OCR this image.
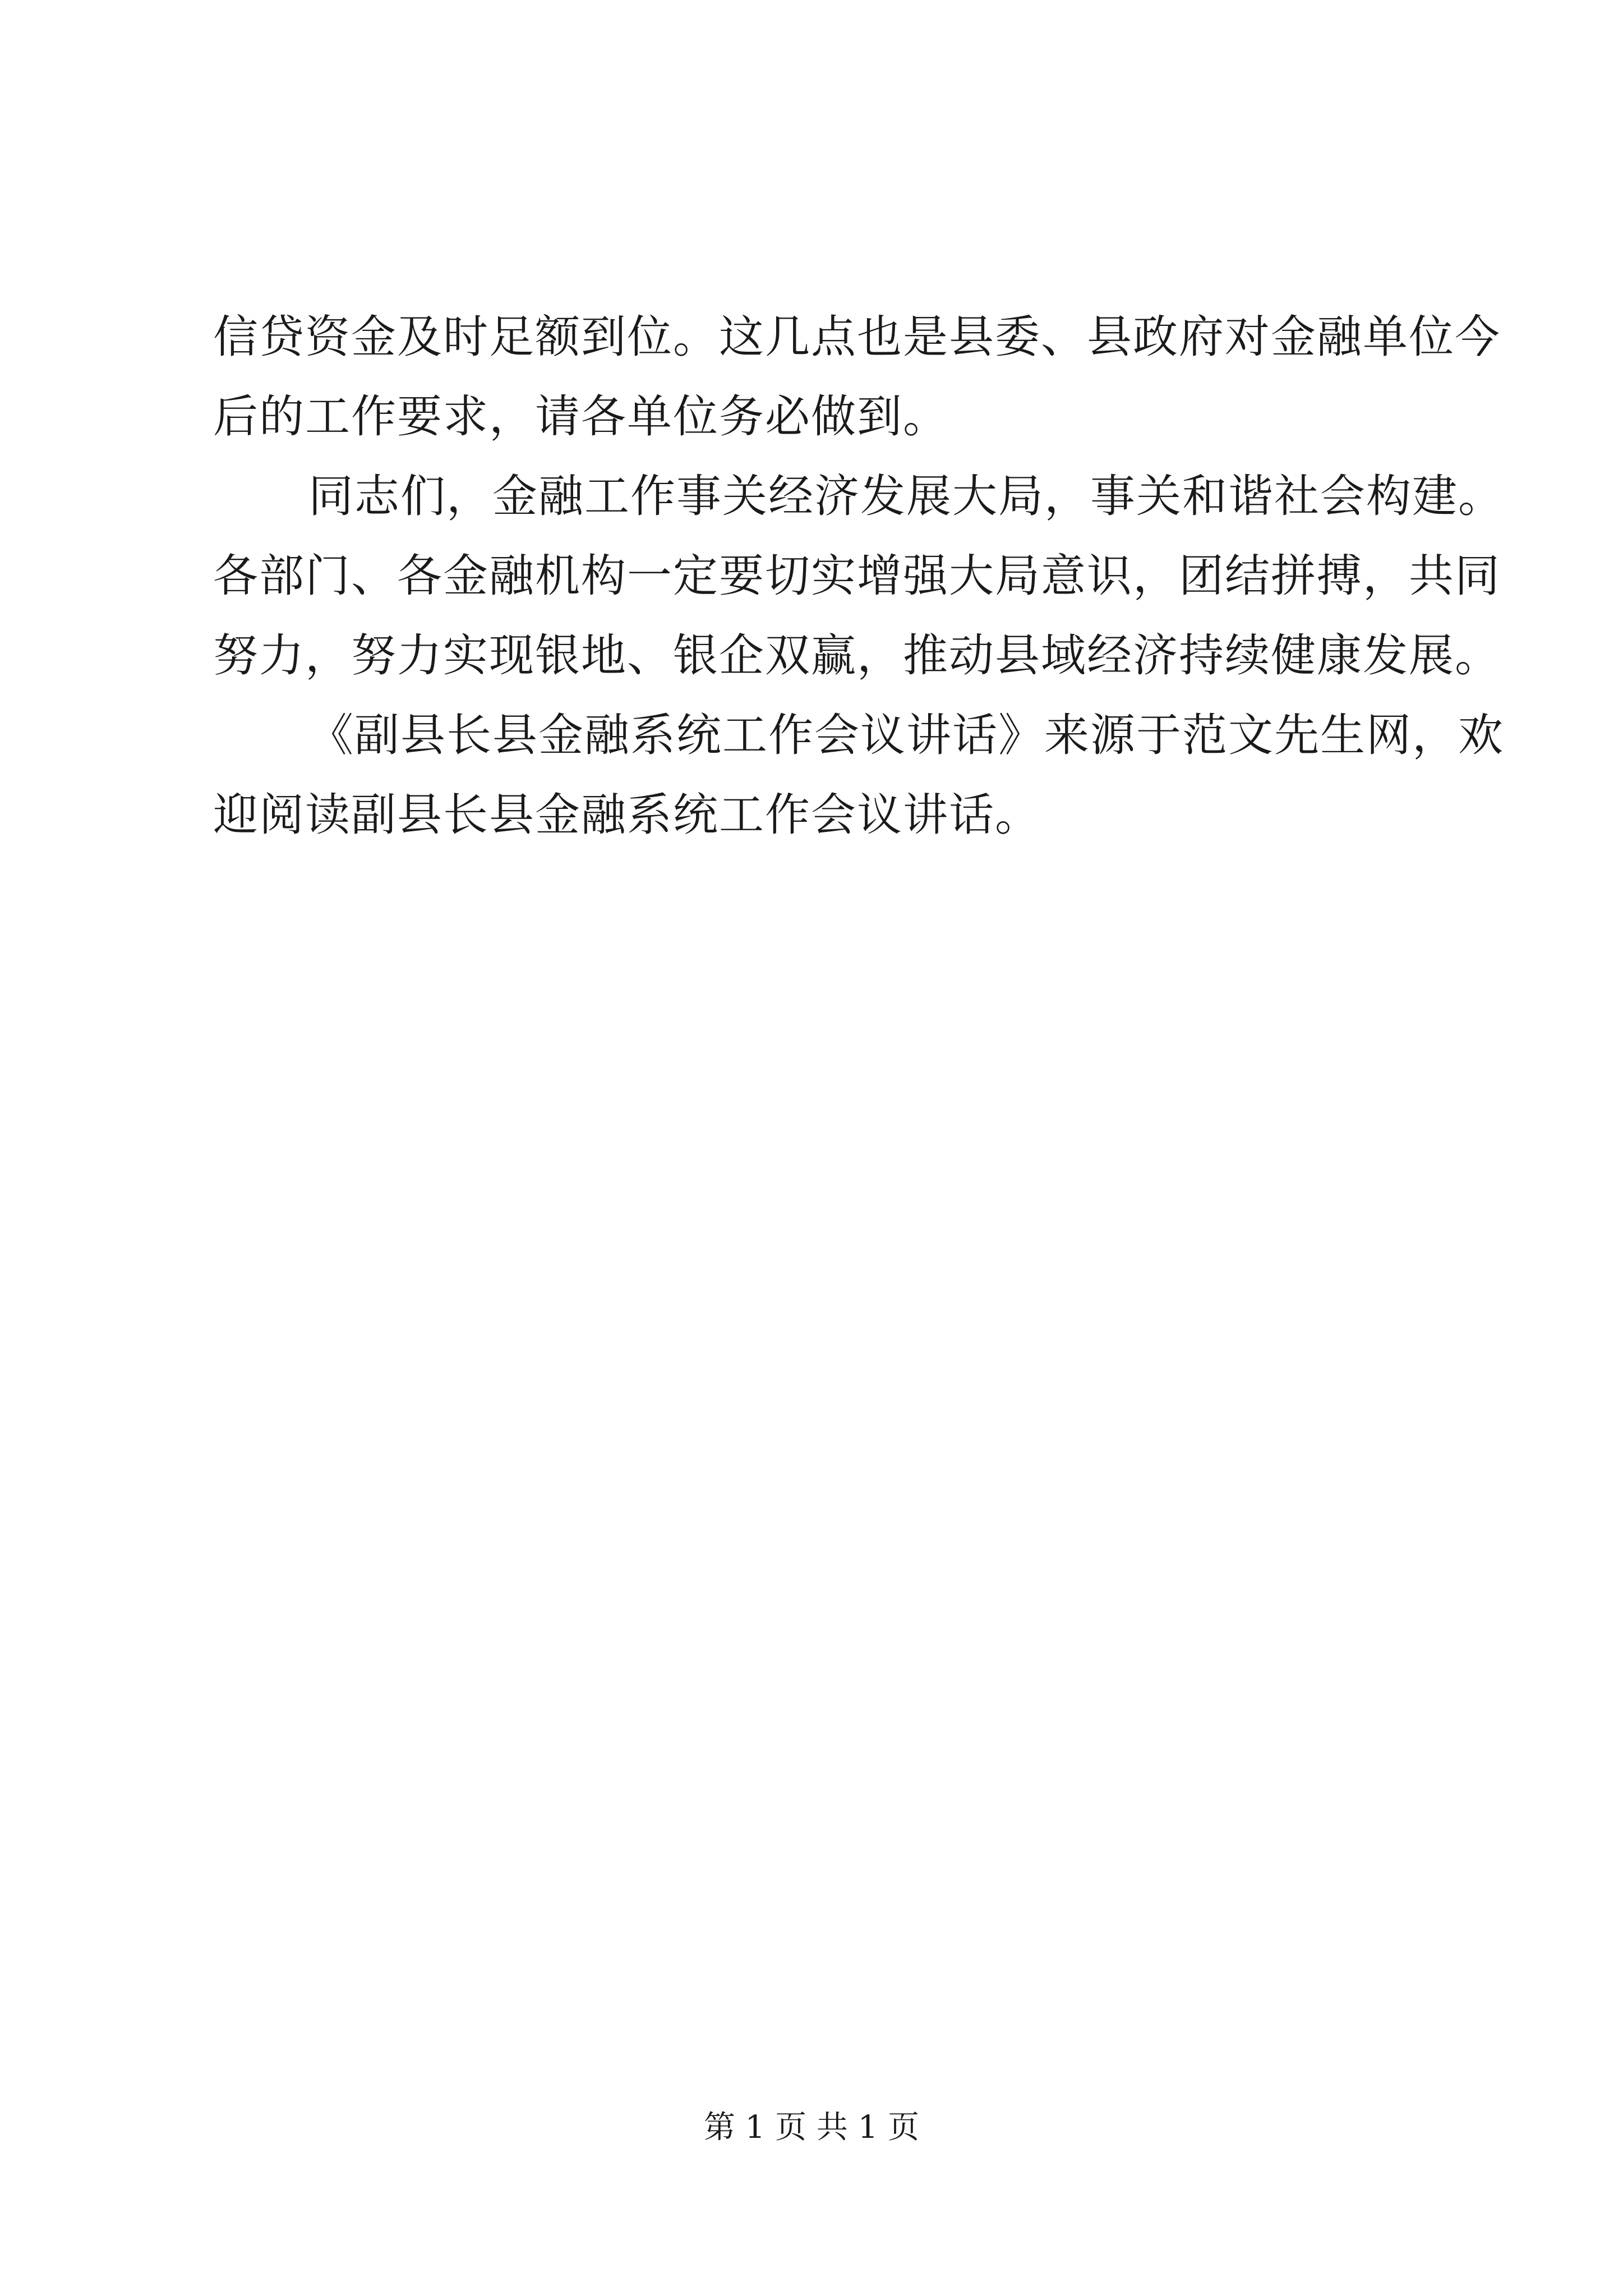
信贷资金及时足额到位。这几点也是县委、县政府对金融单位今
后的工作要求，请各单位务必做到。
同志们，金融工作事关经济发展大局，事关和谐社会构建。
各部门、各金融机构一定要切实增强大局意识，团结拼搏，共同
努力，努力实现银地、银企双赢，推动县域经济持续健康发展。
《副县长县金融系统工作会议讲话》来源于范文先生网，欢
迎阅读副县长县金融系统工作会议讲话。
第 1 页 共 1 页
